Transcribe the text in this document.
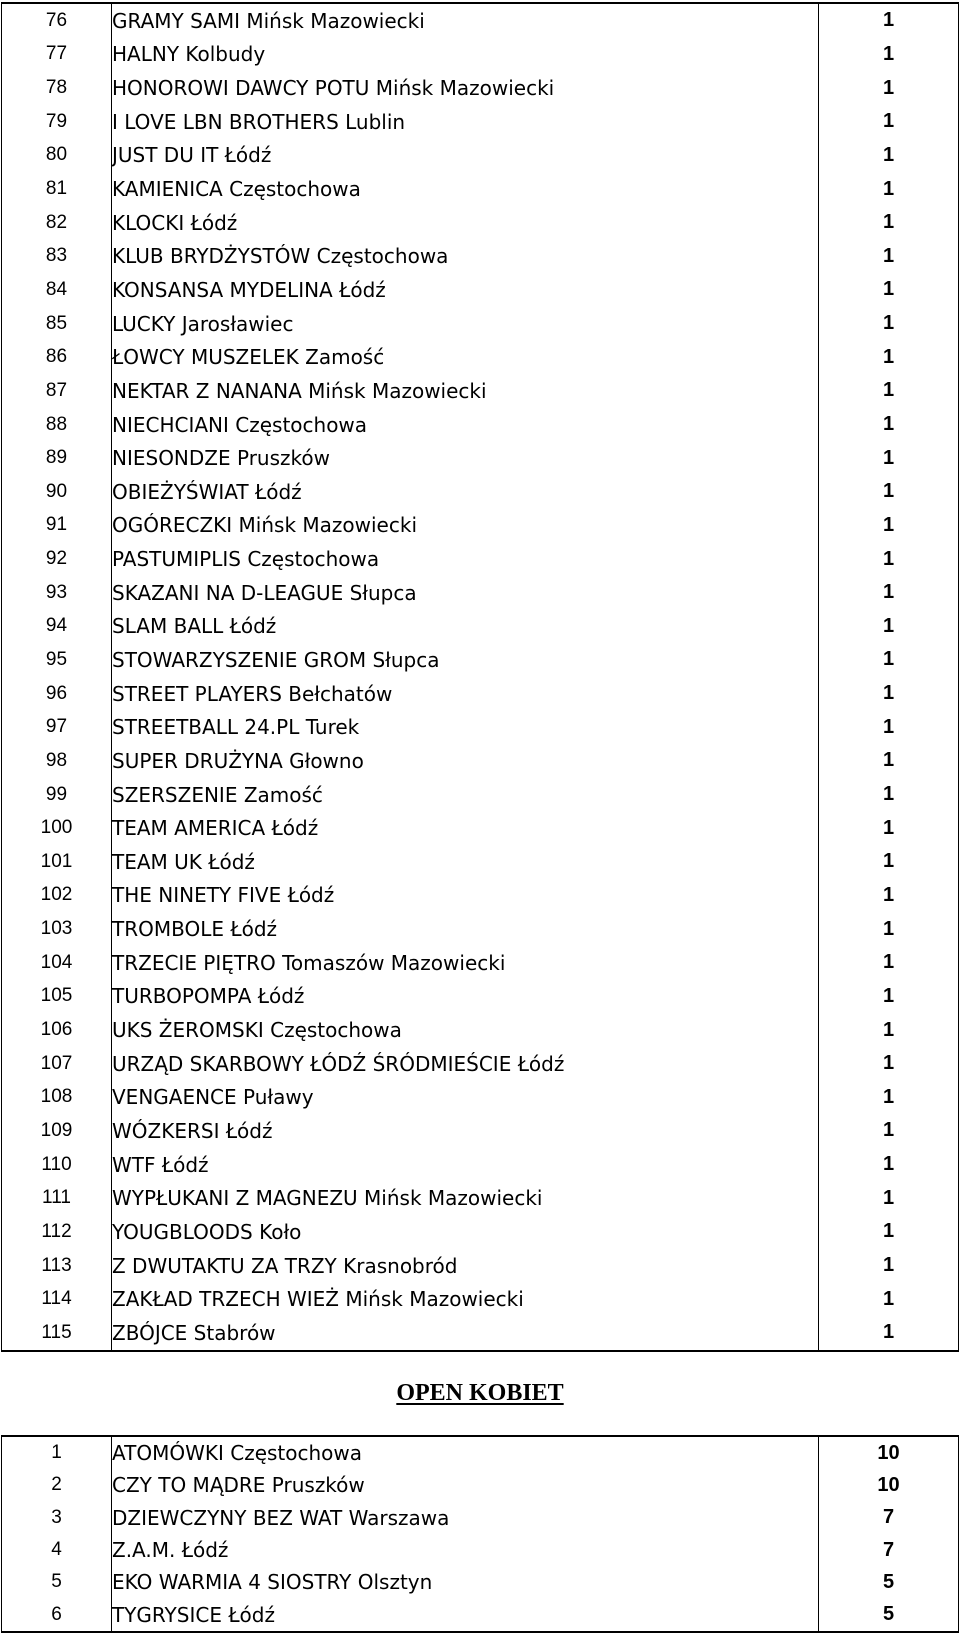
76	GRAMY SAMI Mińsk Mazowiecki	1
77	HALNY Kolbudy	1
78	HONOROWI DAWCY POTU Mińsk Mazowiecki	1
79	I LOVE LBN BROTHERS Lublin	1
80	JUST DU IT Łódź	1
81	KAMIENICA Częstochowa	1
82	KLOCKI Łódź	1
83	KLUB BRYDŻYSTÓW Częstochowa	1
84	KONSANSA MYDELINA Łódź	1
85	LUCKY Jarosławiec	1
86	ŁOWCY MUSZELEK Zamość	1
87	NEKTAR Z NANANA Mińsk Mazowiecki	1
88	NIECHCIANI Częstochowa	1
89	NIESONDZE Pruszków	1
90	OBIEŻYŚWIAT Łódź	1
91	OGÓRECZKI Mińsk Mazowiecki	1
92	PASTUMIPLIS Częstochowa	1
93	SKAZANI NA D-LEAGUE Słupca	1
94	SLAM BALL Łódź	1
95	STOWARZYSZENIE GROM Słupca	1
96	STREET PLAYERS Bełchatów	1
97	STREETBALL 24.PL Turek	1
98	SUPER DRUŻYNA Głowno	1
99	SZERSZENIE Zamość	1
100	TEAM AMERICA Łódź	1
101	TEAM UK Łódź	1
102	THE NINETY FIVE Łódź	1
103	TROMBOLE Łódź	1
104	TRZECIE PIĘTRO Tomaszów Mazowiecki	1
105	TURBOPOMPA Łódź	1
106	UKS ŻEROMSKI Częstochowa	1
107	URZĄD SKARBOWY ŁÓDŹ ŚRÓDMIEŚCIE Łódź	1
108	VENGAENCE Puławy	1
109	WÓZKERSI Łódź	1
110	WTF Łódź	1
111	WYPŁUKANI Z MAGNEZU Mińsk Mazowiecki	1
112	YOUGBLOODS Koło	1
113	Z DWUTAKTU ZA TRZY Krasnobród	1
114	ZAKŁAD TRZECH WIEŻ Mińsk Mazowiecki	1
115	ZBÓJCE Stabrów	1
OPEN KOBIET
1	ATOMÓWKI Częstochowa	10
2	CZY TO MĄDRE Pruszków	10
3	DZIEWCZYNY BEZ WAT Warszawa	7
4	Z.A.M. Łódź	7
5	EKO WARMIA 4 SIOSTRY Olsztyn	5
6	TYGRYSICE Łódź	5
